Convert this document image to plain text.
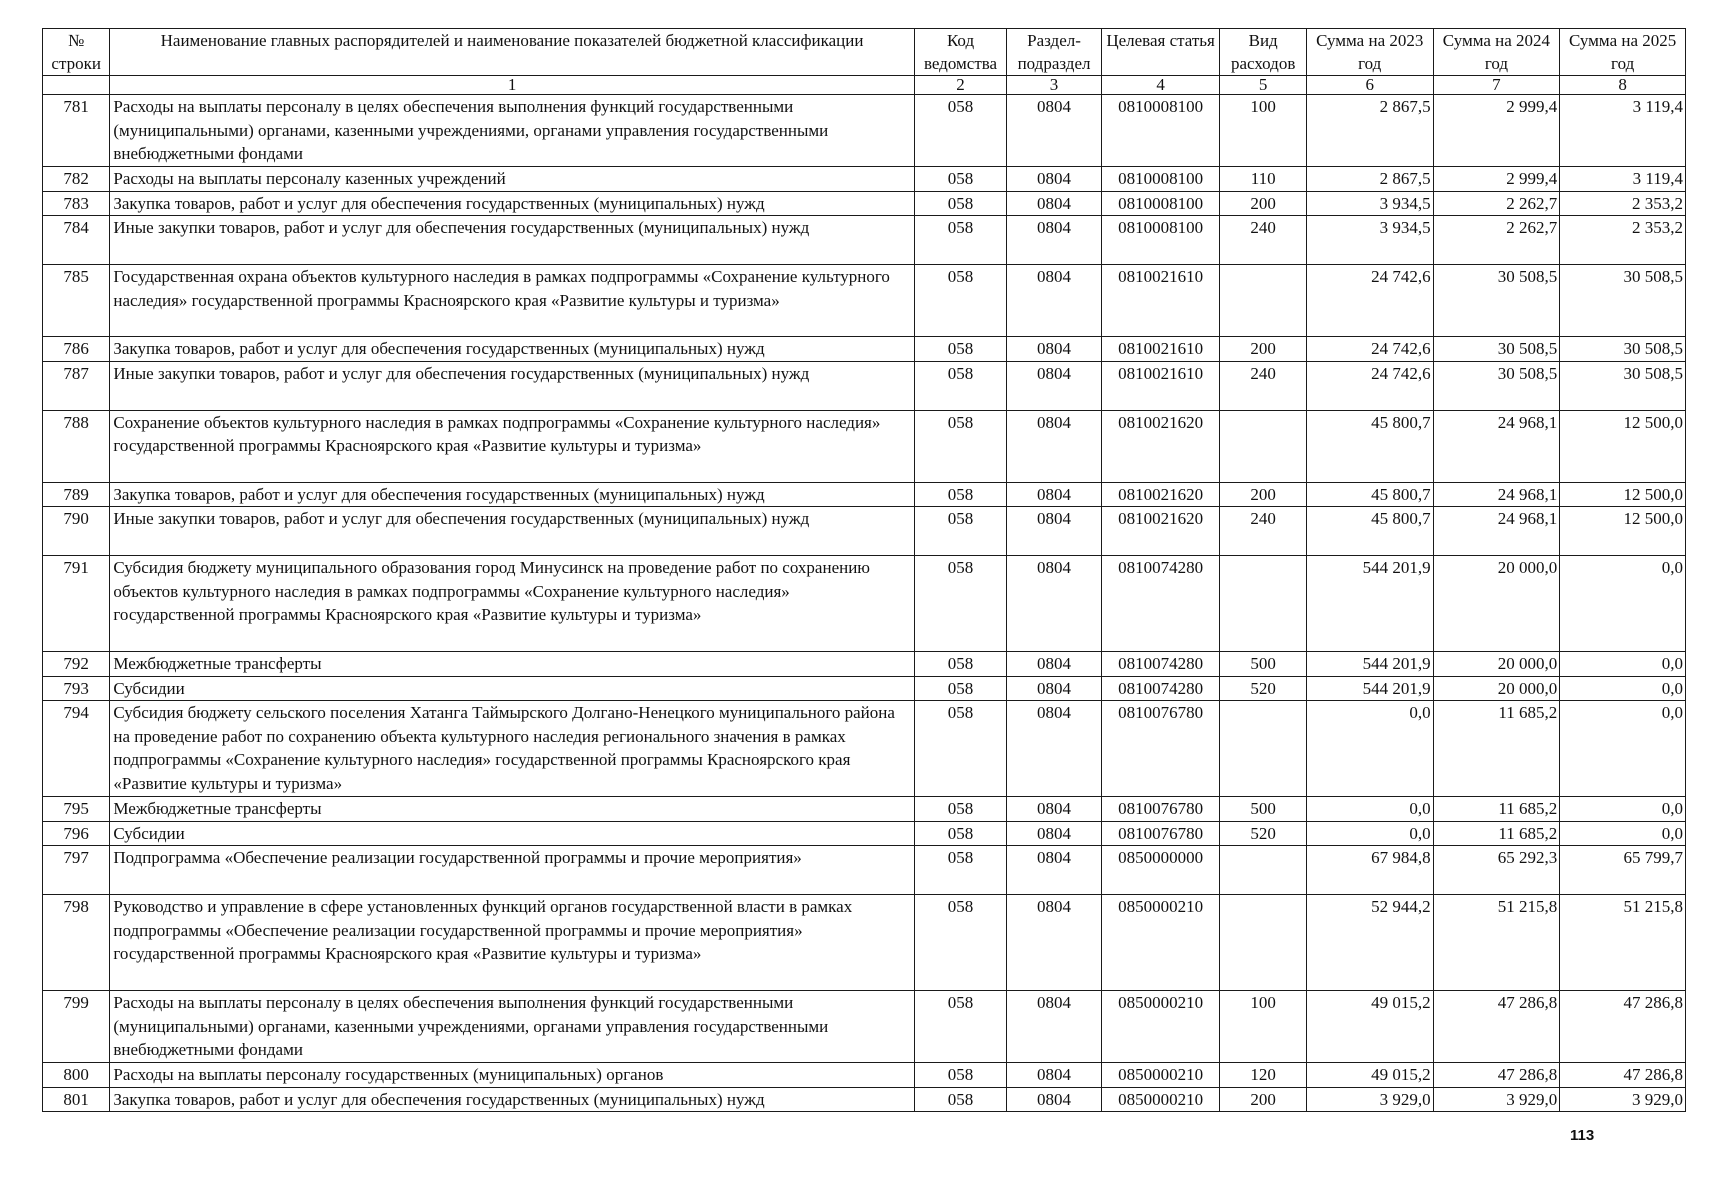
№ строки	Наименование главных распорядителей и наименование показателей бюджетной классификации	Код ведомства	Раздел-подраздел	Целевая статья	Вид расходов	Сумма на 2023 год	Сумма на 2024 год	Сумма на 2025 год
	1	2	3	4	5	6	7	8
781	Расходы на выплаты персоналу в целях обеспечения выполнения функций государственными (муниципальными) органами, казенными учреждениями, органами управления государственными внебюджетными фондами	058	0804	0810008100	100	2 867,5	2 999,4	3 119,4
782	Расходы на выплаты персоналу казенных учреждений	058	0804	0810008100	110	2 867,5	2 999,4	3 119,4
783	Закупка товаров, работ и услуг для обеспечения государственных (муниципальных) нужд	058	0804	0810008100	200	3 934,5	2 262,7	2 353,2
784	Иные закупки товаров, работ и услуг для обеспечения государственных (муниципальных) нужд	058	0804	0810008100	240	3 934,5	2 262,7	2 353,2
785	Государственная охрана объектов культурного наследия в рамках подпрограммы «Сохранение культурного наследия» государственной программы Красноярского края «Развитие культуры и туризма»	058	0804	0810021610		24 742,6	30 508,5	30 508,5
786	Закупка товаров, работ и услуг для обеспечения государственных (муниципальных) нужд	058	0804	0810021610	200	24 742,6	30 508,5	30 508,5
787	Иные закупки товаров, работ и услуг для обеспечения государственных (муниципальных) нужд	058	0804	0810021610	240	24 742,6	30 508,5	30 508,5
788	Сохранение объектов культурного наследия в рамках подпрограммы «Сохранение культурного наследия» государственной программы Красноярского края «Развитие культуры и туризма»	058	0804	0810021620		45 800,7	24 968,1	12 500,0
789	Закупка товаров, работ и услуг для обеспечения государственных (муниципальных) нужд	058	0804	0810021620	200	45 800,7	24 968,1	12 500,0
790	Иные закупки товаров, работ и услуг для обеспечения государственных (муниципальных) нужд	058	0804	0810021620	240	45 800,7	24 968,1	12 500,0
791	Субсидия бюджету муниципального образования город Минусинск на проведение работ по сохранению объектов культурного наследия в рамках подпрограммы «Сохранение культурного наследия» государственной программы Красноярского края «Развитие культуры и туризма»	058	0804	0810074280		544 201,9	20 000,0	0,0
792	Межбюджетные трансферты	058	0804	0810074280	500	544 201,9	20 000,0	0,0
793	Субсидии	058	0804	0810074280	520	544 201,9	20 000,0	0,0
794	Субсидия бюджету сельского поселения Хатанга Таймырского Долгано-Ненецкого муниципального района на проведение работ по сохранению объекта культурного наследия регионального значения в рамках подпрограммы «Сохранение культурного наследия» государственной программы Красноярского края «Развитие культуры и туризма»	058	0804	0810076780		0,0	11 685,2	0,0
795	Межбюджетные трансферты	058	0804	0810076780	500	0,0	11 685,2	0,0
796	Субсидии	058	0804	0810076780	520	0,0	11 685,2	0,0
797	Подпрограмма «Обеспечение реализации государственной программы и прочие мероприятия»	058	0804	0850000000		67 984,8	65 292,3	65 799,7
798	Руководство и управление в сфере установленных функций органов государственной власти в рамках подпрограммы «Обеспечение реализации государственной программы и прочие мероприятия» государственной программы Красноярского края «Развитие культуры и туризма»	058	0804	0850000210		52 944,2	51 215,8	51 215,8
799	Расходы на выплаты персоналу в целях обеспечения выполнения функций государственными (муниципальными) органами, казенными учреждениями, органами управления государственными внебюджетными фондами	058	0804	0850000210	100	49 015,2	47 286,8	47 286,8
800	Расходы на выплаты персоналу государственных (муниципальных) органов	058	0804	0850000210	120	49 015,2	47 286,8	47 286,8
801	Закупка товаров, работ и услуг для обеспечения государственных (муниципальных) нужд	058	0804	0850000210	200	3 929,0	3 929,0	3 929,0
113
